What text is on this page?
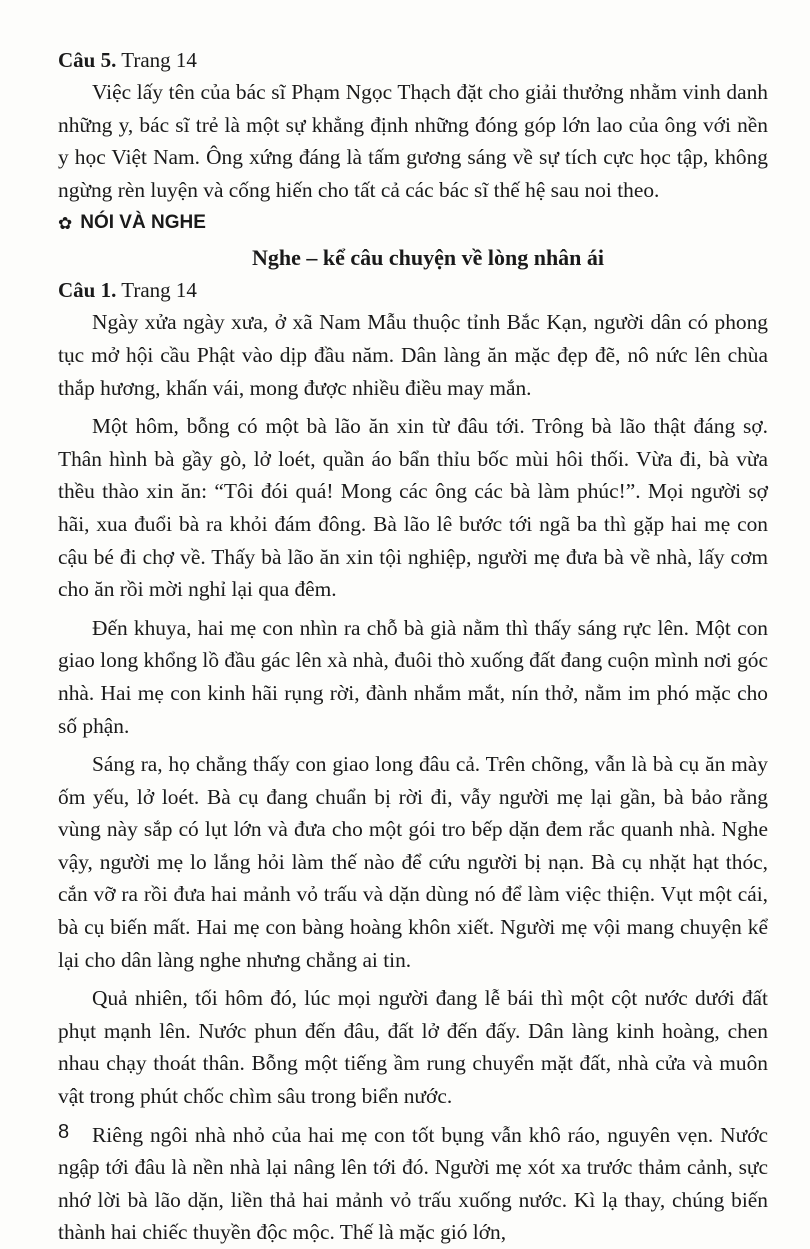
Câu 5. Trang 14

Việc lấy tên của bác sĩ Phạm Ngọc Thạch đặt cho giải thưởng nhằm vinh danh những y, bác sĩ trẻ là một sự khẳng định những đóng góp lớn lao của ông với nền y học Việt Nam. Ông xứng đáng là tấm gương sáng về sự tích cực học tập, không ngừng rèn luyện và cống hiến cho tất cả các bác sĩ thế hệ sau noi theo.

✿ NÓI VÀ NGHE

Nghe – kể câu chuyện về lòng nhân ái

Câu 1. Trang 14

Ngày xửa ngày xưa, ở xã Nam Mẫu thuộc tỉnh Bắc Kạn, người dân có phong tục mở hội cầu Phật vào dịp đầu năm. Dân làng ăn mặc đẹp đẽ, nô nức lên chùa thắp hương, khấn vái, mong được nhiều điều may mắn.

Một hôm, bỗng có một bà lão ăn xin từ đâu tới. Trông bà lão thật đáng sợ. Thân hình bà gầy gò, lở loét, quần áo bẩn thỉu bốc mùi hôi thối. Vừa đi, bà vừa thều thào xin ăn: “Tôi đói quá! Mong các ông các bà làm phúc!”. Mọi người sợ hãi, xua đuổi bà ra khỏi đám đông. Bà lão lê bước tới ngã ba thì gặp hai mẹ con cậu bé đi chợ về. Thấy bà lão ăn xin tội nghiệp, người mẹ đưa bà về nhà, lấy cơm cho ăn rồi mời nghỉ lại qua đêm.

Đến khuya, hai mẹ con nhìn ra chỗ bà già nằm thì thấy sáng rực lên. Một con giao long khổng lồ đầu gác lên xà nhà, đuôi thò xuống đất đang cuộn mình nơi góc nhà. Hai mẹ con kinh hãi rụng rời, đành nhắm mắt, nín thở, nằm im phó mặc cho số phận.

Sáng ra, họ chẳng thấy con giao long đâu cả. Trên chõng, vẫn là bà cụ ăn mày ốm yếu, lở loét. Bà cụ đang chuẩn bị rời đi, vẫy người mẹ lại gần, bà bảo rằng vùng này sắp có lụt lớn và đưa cho một gói tro bếp dặn đem rắc quanh nhà. Nghe vậy, người mẹ lo lắng hỏi làm thế nào để cứu người bị nạn. Bà cụ nhặt hạt thóc, cắn vỡ ra rồi đưa hai mảnh vỏ trấu và dặn dùng nó để làm việc thiện. Vụt một cái, bà cụ biến mất. Hai mẹ con bàng hoàng khôn xiết. Người mẹ vội mang chuyện kể lại cho dân làng nghe nhưng chẳng ai tin.

Quả nhiên, tối hôm đó, lúc mọi người đang lễ bái thì một cột nước dưới đất phụt mạnh lên. Nước phun đến đâu, đất lở đến đấy. Dân làng kinh hoàng, chen nhau chạy thoát thân. Bỗng một tiếng ầm rung chuyển mặt đất, nhà cửa và muôn vật trong phút chốc chìm sâu trong biển nước.

Riêng ngôi nhà nhỏ của hai mẹ con tốt bụng vẫn khô ráo, nguyên vẹn. Nước ngập tới đâu là nền nhà lại nâng lên tới đó. Người mẹ xót xa trước thảm cảnh, sực nhớ lời bà lão dặn, liền thả hai mảnh vỏ trấu xuống nước. Kì lạ thay, chúng biến thành hai chiếc thuyền độc mộc. Thế là mặc gió lớn,

8
